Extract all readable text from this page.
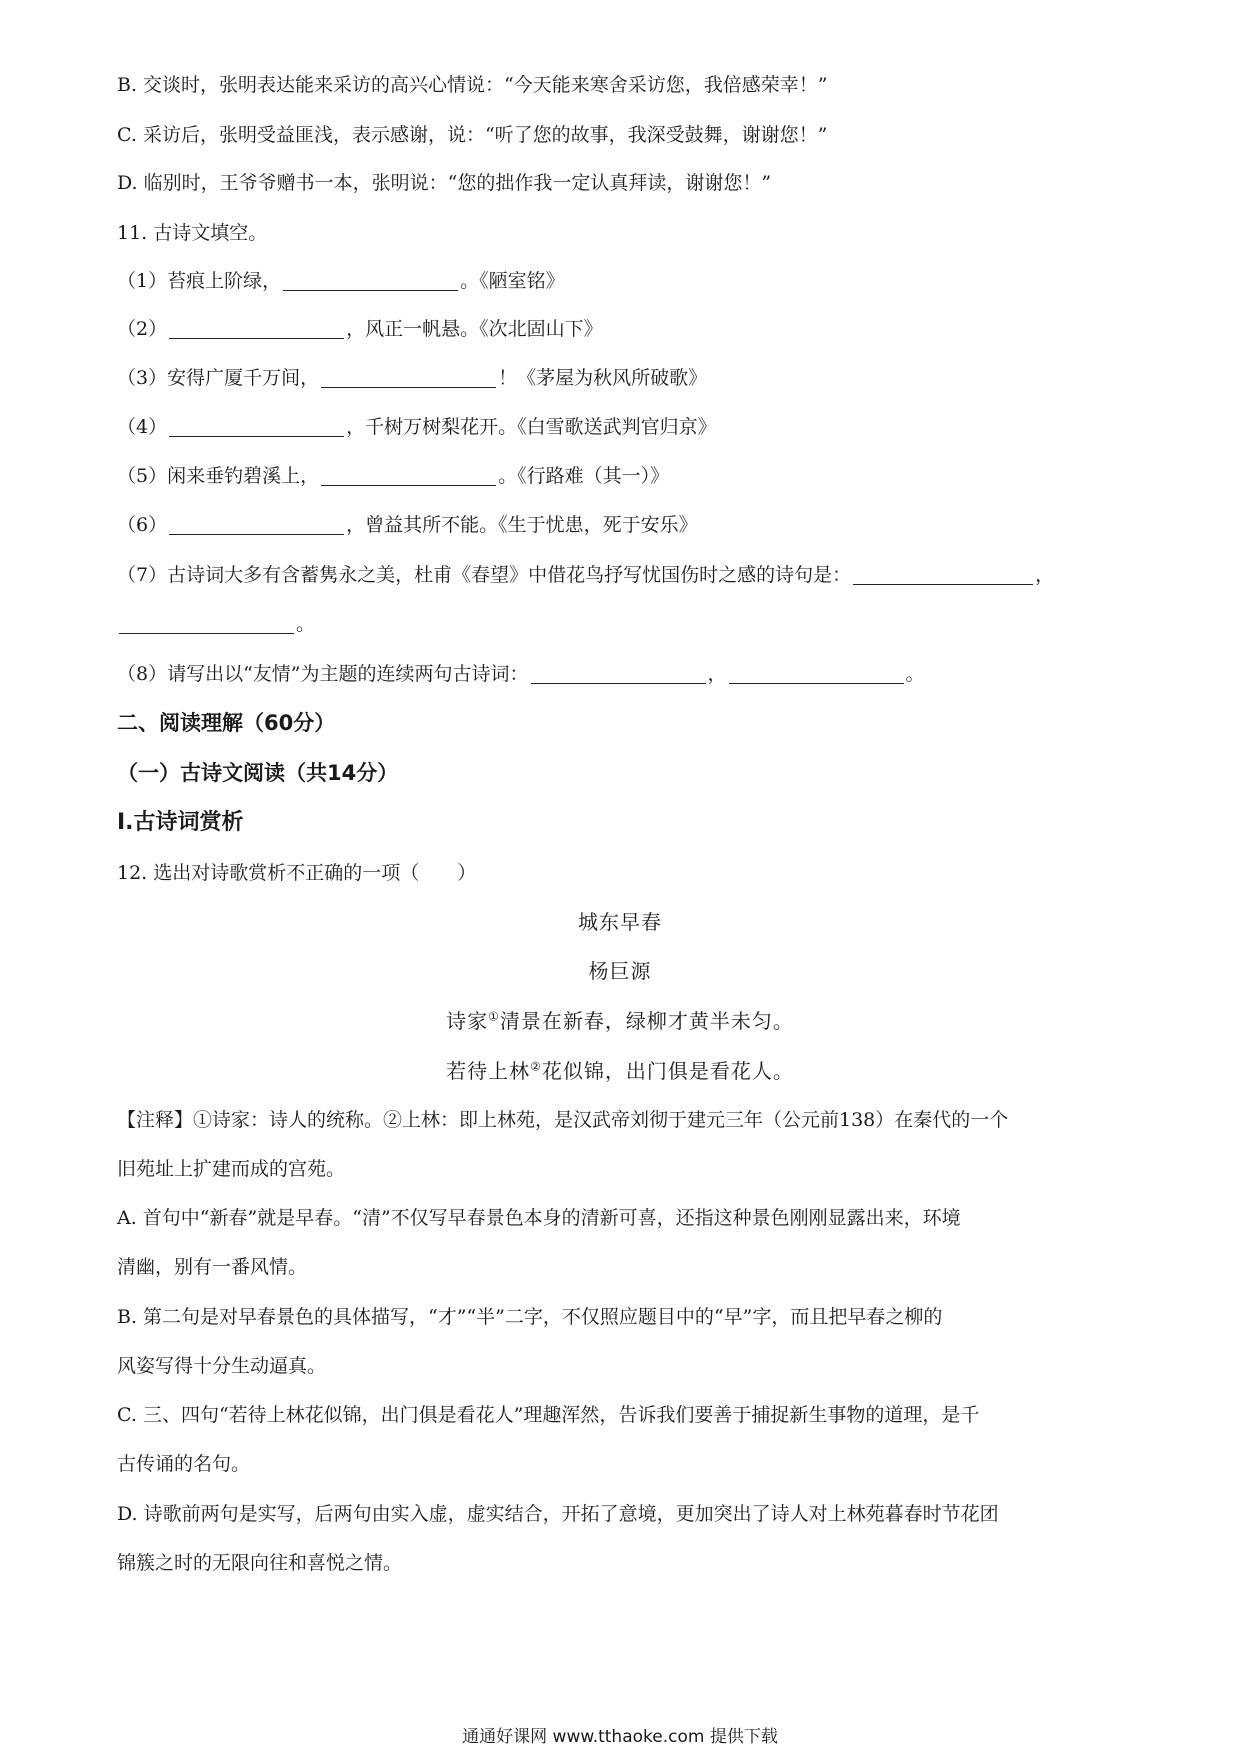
B. 交谈时，张明表达能来采访的高兴心情说：“今天能来寒舍采访您，我倍感荣幸！”
C. 采访后，张明受益匪浅，表示感谢，说：“听了您的故事，我深受鼓舞，谢谢您！”
D. 临别时，王爷爷赠书一本，张明说：“您的拙作我一定认真拜读，谢谢您！”
11. 古诗文填空。
（1）苔痕上阶绿，	。《陋室铭》
（2）	，风正一帆悬。《次北固山下》
（3）安得广厦千万间，	！《茅屋为秋风所破歌》
（4）	，千树万树梨花开。《白雪歌送武判官归京》
（5）闲来垂钓碧溪上，	。《行路难（其一）》
（6）	，曾益其所不能。《生于忧患，死于安乐》
（7）古诗词大多有含蓄隽永之美，杜甫《春望》中借花鸟抒写忧国伤时之感的诗句是：	，
。
（8）请写出以“友情”为主题的连续两句古诗词：	，	。
二、阅读理解（60分）
（一）古诗文阅读（共14分）
Ⅰ.古诗词赏析
12. 选出对诗歌赏析不正确的一项（　　）
城东早春
杨巨源
诗家①清景在新春，绿柳才黄半未匀。
若待上林②花似锦，出门俱是看花人。
【注释】①诗家：诗人的统称。②上林：即上林苑，是汉武帝刘彻于建元三年（公元前138）在秦代的一个
旧苑址上扩建而成的宫苑。
A. 首句中“新春”就是早春。“清”不仅写早春景色本身的清新可喜，还指这种景色刚刚显露出来，环境
清幽，别有一番风情。
B. 第二句是对早春景色的具体描写，“才”“半”二字，不仅照应题目中的“早”字，而且把早春之柳的
风姿写得十分生动逼真。
C. 三、四句“若待上林花似锦，出门俱是看花人”理趣浑然，告诉我们要善于捕捉新生事物的道理，是千
古传诵的名句。
D. 诗歌前两句是实写，后两句由实入虚，虚实结合，开拓了意境，更加突出了诗人对上林苑暮春时节花团
锦簇之时的无限向往和喜悦之情。
通通好课网 www.tthaoke.com 提供下载
